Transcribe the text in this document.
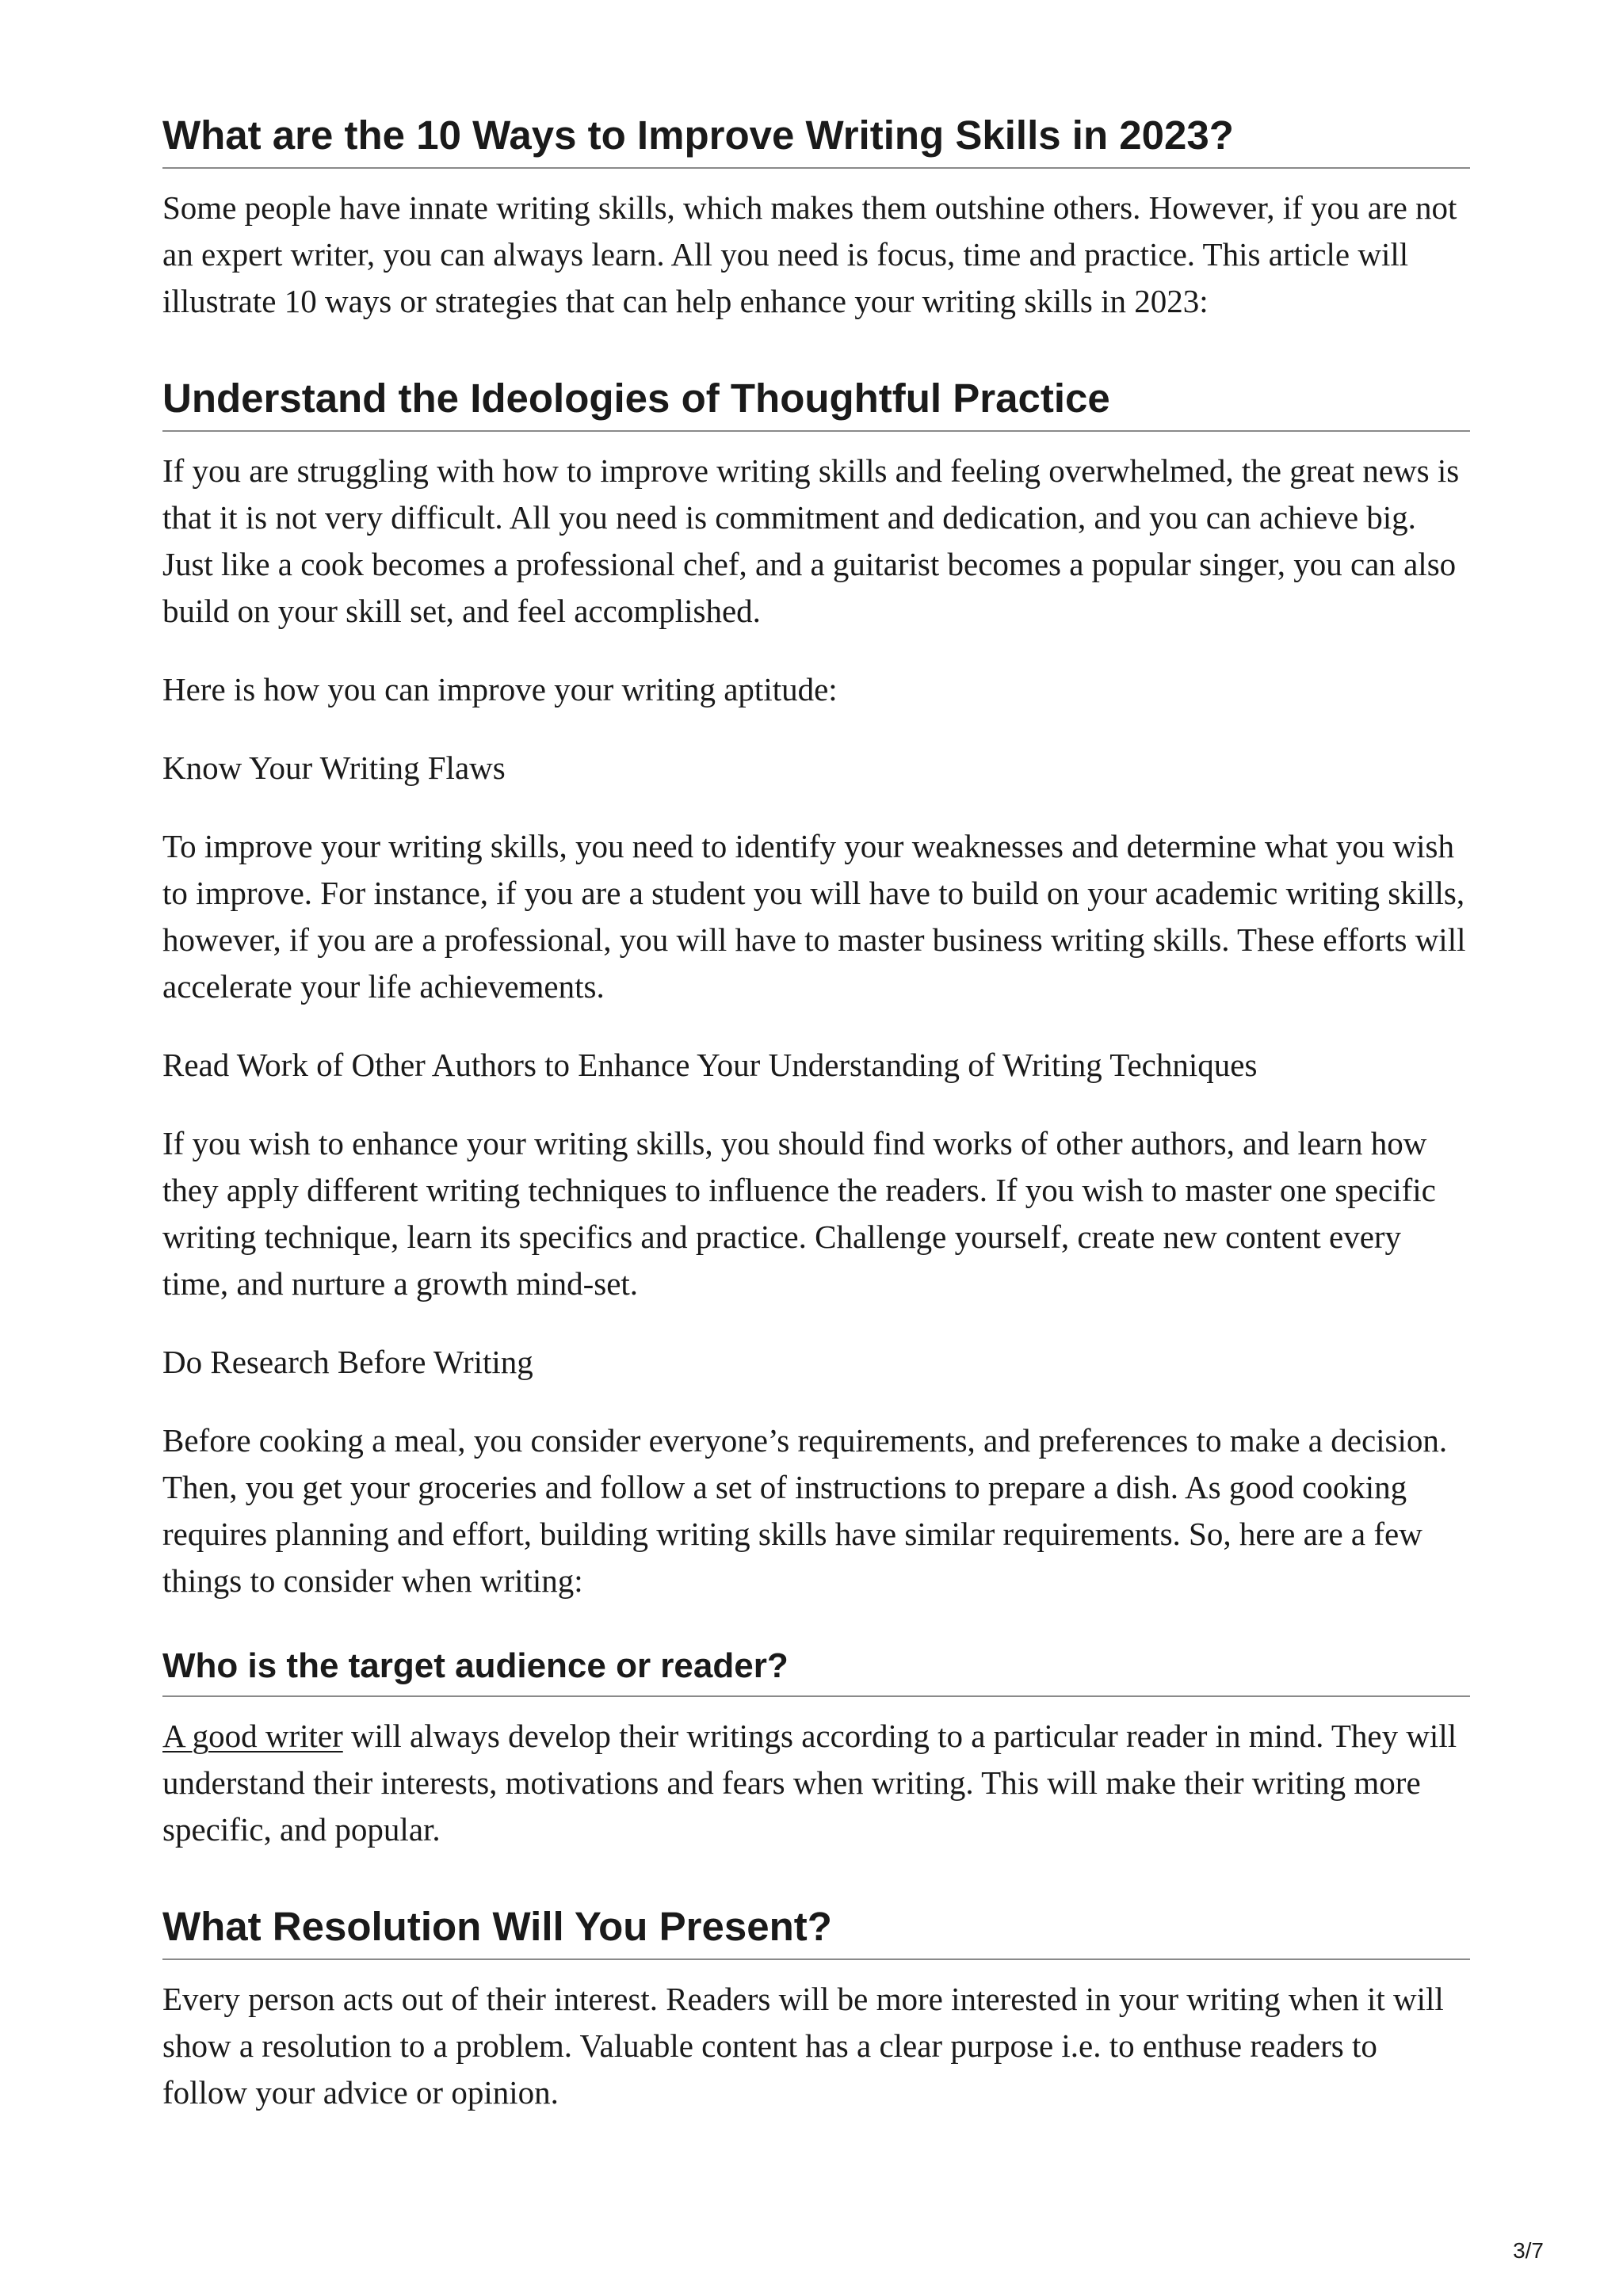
What are the 10 Ways to Improve Writing Skills in 2023?

Some people have innate writing skills, which makes them outshine others. However, if you are not an expert writer, you can always learn. All you need is focus, time and practice. This article will illustrate 10 ways or strategies that can help enhance your writing skills in 2023:

Understand the Ideologies of Thoughtful Practice

If you are struggling with how to improve writing skills and feeling overwhelmed, the great news is that it is not very difficult. All you need is commitment and dedication, and you can achieve big. Just like a cook becomes a professional chef, and a guitarist becomes a popular singer, you can also build on your skill set, and feel accomplished.

Here is how you can improve your writing aptitude:

Know Your Writing Flaws

To improve your writing skills, you need to identify your weaknesses and determine what you wish to improve. For instance, if you are a student you will have to build on your academic writing skills, however, if you are a professional, you will have to master business writing skills. These efforts will accelerate your life achievements.

Read Work of Other Authors to Enhance Your Understanding of Writing Techniques

If you wish to enhance your writing skills, you should find works of other authors, and learn how they apply different writing techniques to influence the readers. If you wish to master one specific writing technique, learn its specifics and practice. Challenge yourself, create new content every time, and nurture a growth mind-set.

Do Research Before Writing

Before cooking a meal, you consider everyone’s requirements, and preferences to make a decision. Then, you get your groceries and follow a set of instructions to prepare a dish. As good cooking requires planning and effort, building writing skills have similar requirements. So, here are a few things to consider when writing:

Who is the target audience or reader?

A good writer will always develop their writings according to a particular reader in mind. They will understand their interests, motivations and fears when writing. This will make their writing more specific, and popular.

What Resolution Will You Present?

Every person acts out of their interest. Readers will be more interested in your writing when it will show a resolution to a problem. Valuable content has a clear purpose i.e. to enthuse readers to follow your advice or opinion.

3/7
